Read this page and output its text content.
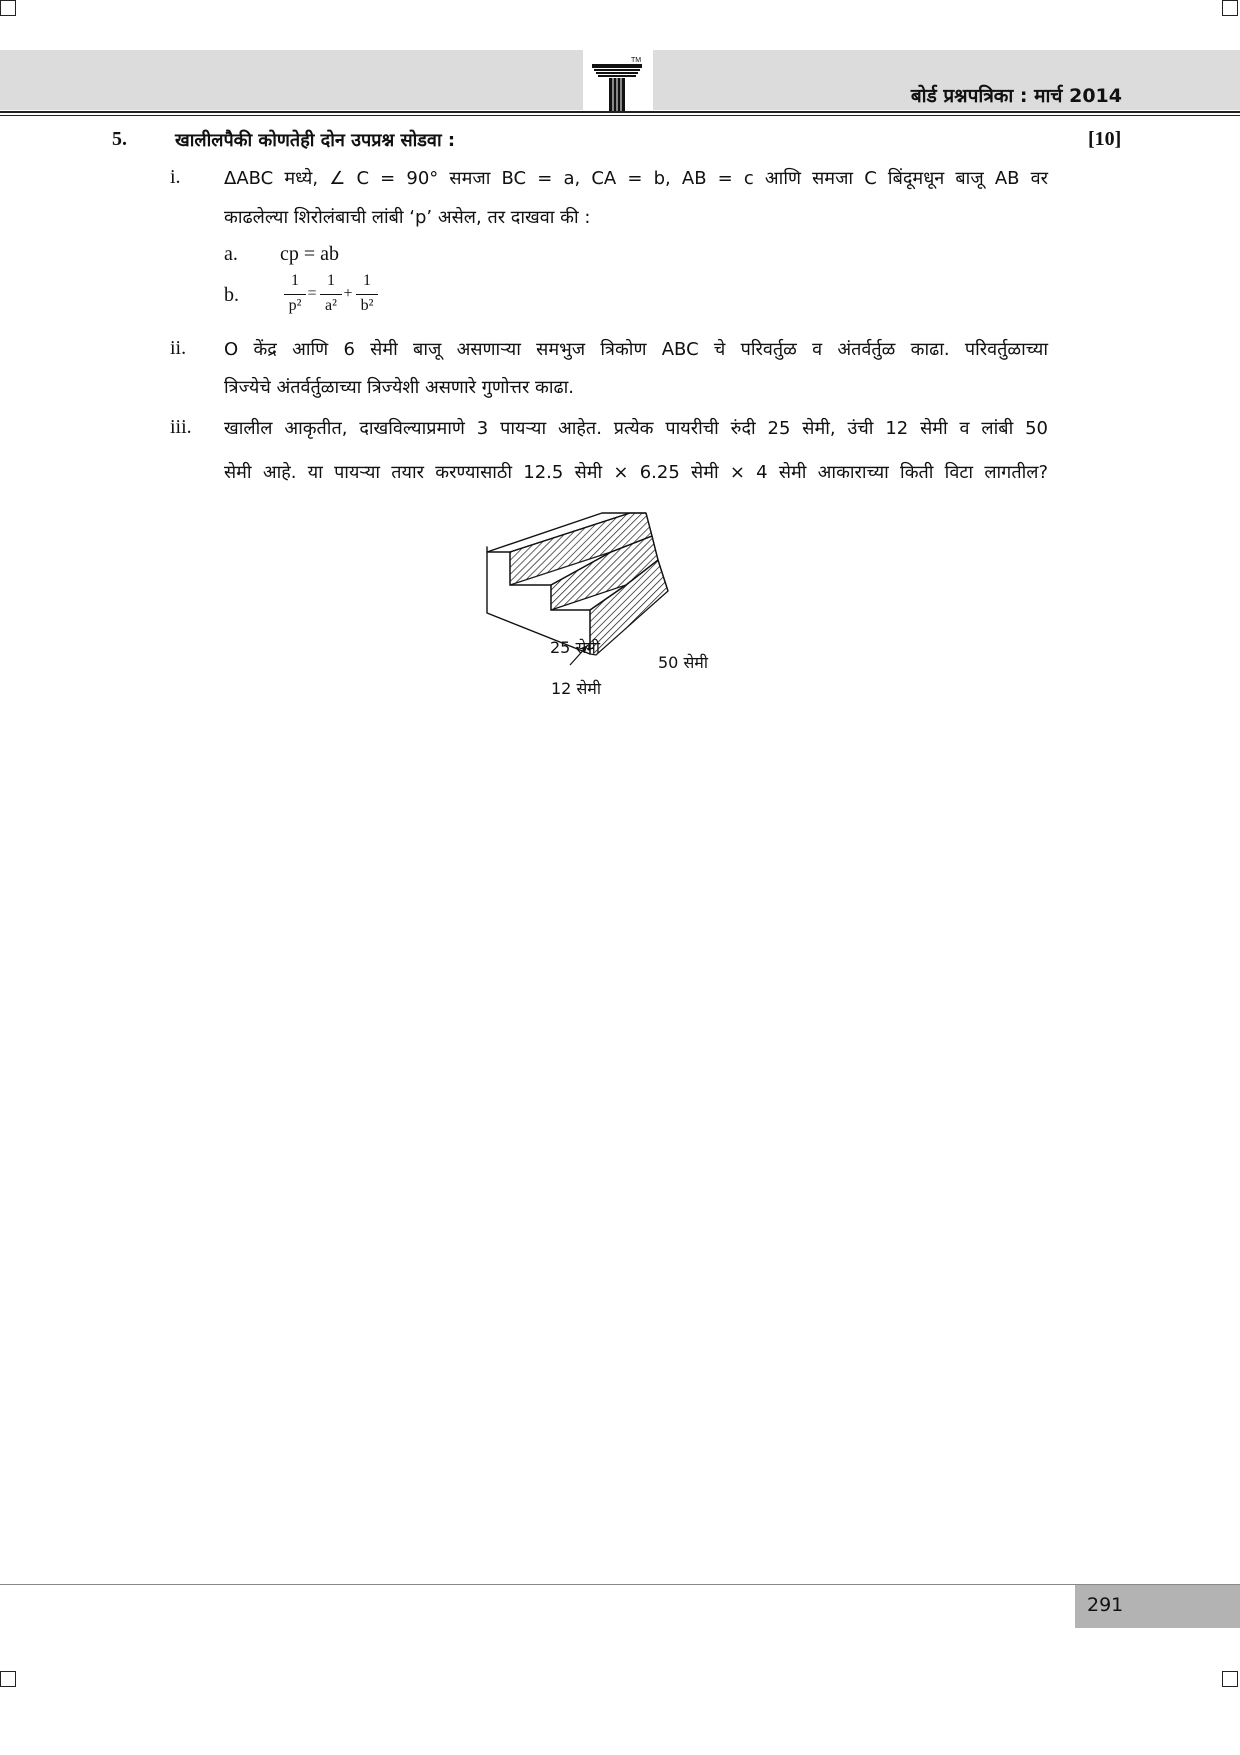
TM
बोर्ड प्रश्नपत्रिका : मार्च 2014
5.	खालीलपैकी कोणतेही दोन उपप्रश्न सोडवा :	[10]
i. ΔABC मध्ये, ∠ C = 90° समजा BC = a, CA = b, AB = c आणि समजा C बिंदूमधून बाजू AB वर
काढलेल्या शिरोलंबाची लांबी ‘p’ असेल, तर दाखवा की :
a. cp = ab
b.
1
p²
=
1
a²
+
1
b²
ii. O केंद्र आणि 6 सेमी बाजू असणाऱ्या समभुज त्रिकोण ABC चे परिवर्तुळ व अंतर्वर्तुळ काढा. परिवर्तुळाच्या
त्रिज्येचे अंतर्वर्तुळाच्या त्रिज्येशी असणारे गुणोत्तर काढा.
iii. खालील आकृतीत, दाखविल्याप्रमाणे 3 पायऱ्या आहेत. प्रत्येक पायरीची रुंदी 25 सेमी, उंची 12 सेमी व लांबी 50
सेमी आहे. या पायऱ्या तयार करण्यासाठी 12.5 सेमी × 6.25 सेमी × 4 सेमी आकाराच्या किती विटा लागतील?
25 सेमी
50 सेमी
12 सेमी
291
